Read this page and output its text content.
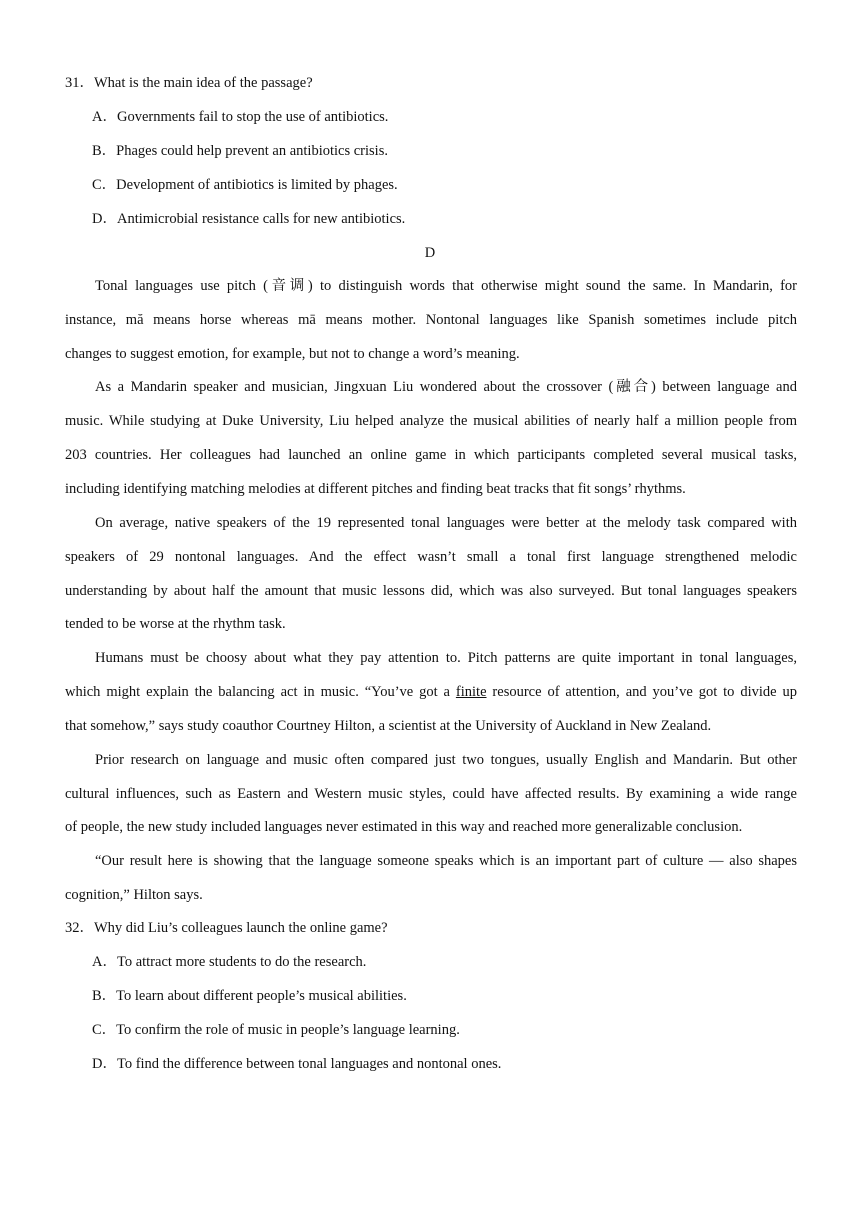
31．What is the main idea of the passage?
A．Governments fail to stop the use of antibiotics.
B．Phages could help prevent an antibiotics crisis.
C．Development of antibiotics is limited by phages.
D．Antimicrobial resistance calls for new antibiotics.
D
Tonal languages use pitch (音调) to distinguish words that otherwise might sound the same. In Mandarin, for
instance, mă means horse whereas mā means mother. Nontonal languages like Spanish sometimes include pitch
changes to suggest emotion, for example, but not to change a word’s meaning.
As a Mandarin speaker and musician, Jingxuan Liu wondered about the crossover (融合) between language and
music. While studying at Duke University, Liu helped analyze the musical abilities of nearly half a million people from
203 countries. Her colleagues had launched an online game in which participants completed several musical tasks,
including identifying matching melodies at different pitches and finding beat tracks that fit songs’ rhythms.
On average, native speakers of the 19 represented tonal languages were better at the melody task compared with
speakers of 29 nontonal languages. And the effect wasn’t small a tonal first language strengthened melodic
understanding by about half the amount that music lessons did, which was also surveyed. But tonal languages speakers
tended to be worse at the rhythm task.
Humans must be choosy about what they pay attention to. Pitch patterns are quite important in tonal languages,
which might explain the balancing act in music. “You’ve got a finite resource of attention, and you’ve got to divide up
that somehow,” says study coauthor Courtney Hilton, a scientist at the University of Auckland in New Zealand.
Prior research on language and music often compared just two tongues, usually English and Mandarin. But other
cultural influences, such as Eastern and Western music styles, could have affected results. By examining a wide range
of people, the new study included languages never estimated in this way and reached more generalizable conclusion.
“Our result here is showing that the language someone speaks which is an important part of culture — also shapes
cognition,” Hilton says.
32．Why did Liu’s colleagues launch the online game?
A．To attract more students to do the research.
B．To learn about different people’s musical abilities.
C．To confirm the role of music in people’s language learning.
D．To find the difference between tonal languages and nontonal ones.
